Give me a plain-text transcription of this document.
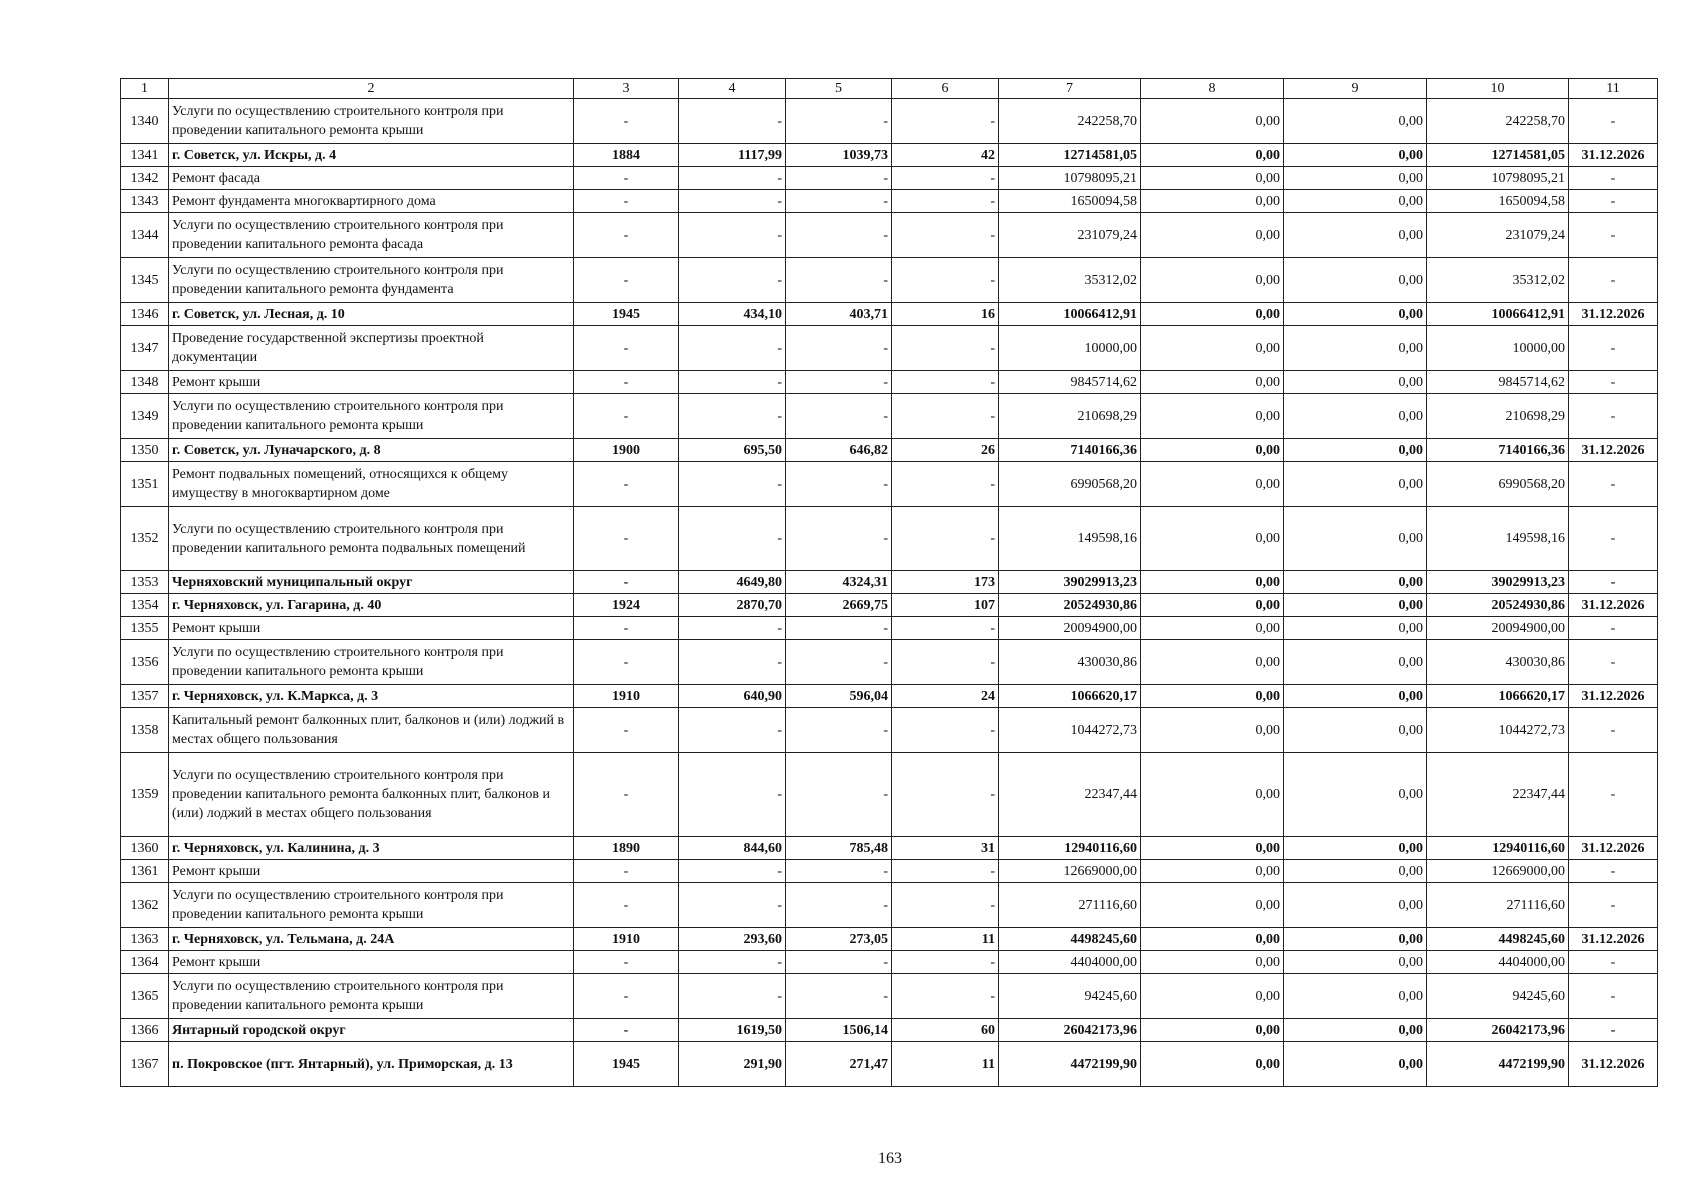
1	2	3	4	5	6	7	8	9	10	11
1340	Услуги по осуществлению строительного контроля при проведении капитального ремонта крыши	-	-	-	-	242258,70	0,00	0,00	242258,70	-
1341	г. Советск, ул. Искры, д. 4	1884	1117,99	1039,73	42	12714581,05	0,00	0,00	12714581,05	31.12.2026
1342	Ремонт фасада	-	-	-	-	10798095,21	0,00	0,00	10798095,21	-
1343	Ремонт фундамента многоквартирного дома	-	-	-	-	1650094,58	0,00	0,00	1650094,58	-
1344	Услуги по осуществлению строительного контроля при проведении капитального ремонта фасада	-	-	-	-	231079,24	0,00	0,00	231079,24	-
1345	Услуги по осуществлению строительного контроля при проведении капитального ремонта фундамента	-	-	-	-	35312,02	0,00	0,00	35312,02	-
1346	г. Советск, ул. Лесная, д. 10	1945	434,10	403,71	16	10066412,91	0,00	0,00	10066412,91	31.12.2026
1347	Проведение государственной экспертизы проектной документации	-	-	-	-	10000,00	0,00	0,00	10000,00	-
1348	Ремонт крыши	-	-	-	-	9845714,62	0,00	0,00	9845714,62	-
1349	Услуги по осуществлению строительного контроля при проведении капитального ремонта крыши	-	-	-	-	210698,29	0,00	0,00	210698,29	-
1350	г. Советск, ул. Луначарского, д. 8	1900	695,50	646,82	26	7140166,36	0,00	0,00	7140166,36	31.12.2026
1351	Ремонт подвальных помещений, относящихся к общему имуществу в многоквартирном доме	-	-	-	-	6990568,20	0,00	0,00	6990568,20	-
1352	Услуги по осуществлению строительного контроля при проведении капитального ремонта подвальных помещений	-	-	-	-	149598,16	0,00	0,00	149598,16	-
1353	Черняховский муниципальный округ	-	4649,80	4324,31	173	39029913,23	0,00	0,00	39029913,23	-
1354	г. Черняховск, ул. Гагарина, д. 40	1924	2870,70	2669,75	107	20524930,86	0,00	0,00	20524930,86	31.12.2026
1355	Ремонт крыши	-	-	-	-	20094900,00	0,00	0,00	20094900,00	-
1356	Услуги по осуществлению строительного контроля при проведении капитального ремонта крыши	-	-	-	-	430030,86	0,00	0,00	430030,86	-
1357	г. Черняховск, ул. К.Маркса, д. 3	1910	640,90	596,04	24	1066620,17	0,00	0,00	1066620,17	31.12.2026
1358	Капитальный ремонт балконных плит, балконов и (или) лоджий в местах общего пользования	-	-	-	-	1044272,73	0,00	0,00	1044272,73	-
1359	Услуги по осуществлению строительного контроля при проведении капитального ремонта балконных плит, балконов и (или) лоджий в местах общего пользования	-	-	-	-	22347,44	0,00	0,00	22347,44	-
1360	г. Черняховск, ул. Калинина, д. 3	1890	844,60	785,48	31	12940116,60	0,00	0,00	12940116,60	31.12.2026
1361	Ремонт крыши	-	-	-	-	12669000,00	0,00	0,00	12669000,00	-
1362	Услуги по осуществлению строительного контроля при проведении капитального ремонта крыши	-	-	-	-	271116,60	0,00	0,00	271116,60	-
1363	г. Черняховск, ул. Тельмана, д. 24А	1910	293,60	273,05	11	4498245,60	0,00	0,00	4498245,60	31.12.2026
1364	Ремонт крыши	-	-	-	-	4404000,00	0,00	0,00	4404000,00	-
1365	Услуги по осуществлению строительного контроля при проведении капитального ремонта крыши	-	-	-	-	94245,60	0,00	0,00	94245,60	-
1366	Янтарный городской округ	-	1619,50	1506,14	60	26042173,96	0,00	0,00	26042173,96	-
1367	п. Покровское (пгт. Янтарный), ул. Приморская, д. 13	1945	291,90	271,47	11	4472199,90	0,00	0,00	4472199,90	31.12.2026
163
